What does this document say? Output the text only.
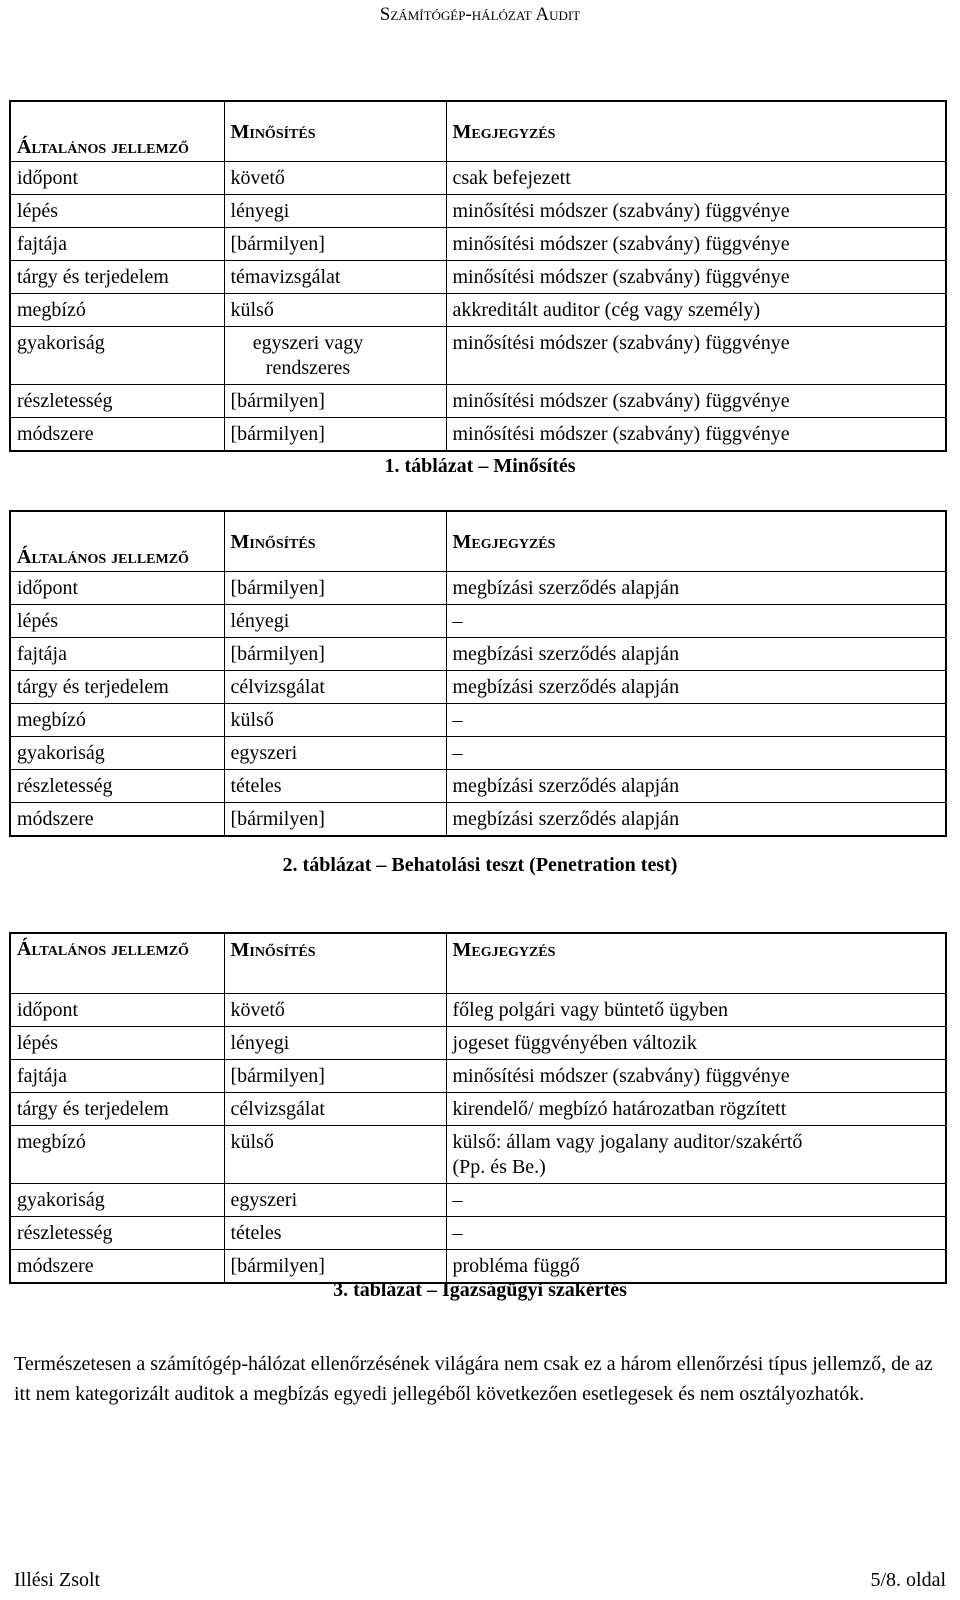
Számítógép-hálózat Audit
Általános jellemző	Minősítés	Megjegyzés
időpont	követő	csak befejezett
lépés	lényegi	minősítési módszer (szabvány) függvénye
fajtája	[bármilyen]	minősítési módszer (szabvány) függvénye
tárgy és terjedelem	témavizsgálat	minősítési módszer (szabvány) függvénye
megbízó	külső	akkreditált auditor (cég vagy személy)
gyakoriság	egyszeri vagy rendszeres	minősítési módszer (szabvány) függvénye
részletesség	[bármilyen]	minősítési módszer (szabvány) függvénye
módszere	[bármilyen]	minősítési módszer (szabvány) függvénye
1. táblázat – Minősítés
Általános jellemző	Minősítés	Megjegyzés
időpont	[bármilyen]	megbízási szerződés alapján
lépés	lényegi	–
fajtája	[bármilyen]	megbízási szerződés alapján
tárgy és terjedelem	célvizsgálat	megbízási szerződés alapján
megbízó	külső	–
gyakoriság	egyszeri	–
részletesség	tételes	megbízási szerződés alapján
módszere	[bármilyen]	megbízási szerződés alapján
2. táblázat – Behatolási teszt (Penetration test)
Általános jellemző	Minősítés	Megjegyzés
időpont	követő	főleg polgári vagy büntető ügyben
lépés	lényegi	jogeset függvényében változik
fajtája	[bármilyen]	minősítési módszer (szabvány) függvénye
tárgy és terjedelem	célvizsgálat	kirendelő/ megbízó határozatban rögzített
megbízó	külső	külső: állam vagy jogalany auditor/szakértő (Pp. és Be.)
gyakoriság	egyszeri	–
részletesség	tételes	–
módszere	[bármilyen]	probléma függő
3. táblázat – Igazságügyi szakértés

Természetesen a számítógép-hálózat ellenőrzésének világára nem csak ez a három ellenőrzési típus jellemző, de az itt nem kategorizált auditok a megbízás egyedi jellegéből következően esetlegesek és nem osztályozhatók.

Illési Zsolt	5/8. oldal
